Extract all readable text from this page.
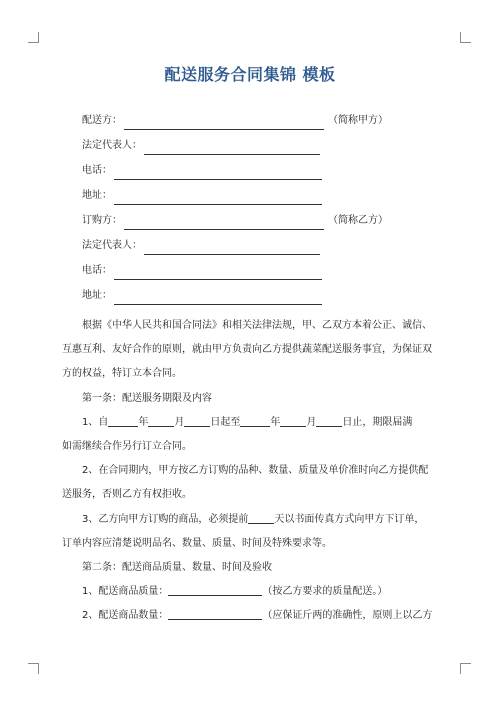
配送服务合同集锦 模板
配送方：	（简称甲方）
法定代表人：
电话：
地址：
订购方：	（简称乙方）
法定代表人：
电话：
地址：

根据《中华人民共和国合同法》和相关法律法规，甲、乙双方本着公正、诚信、

互惠互利、友好合作的原则，就由甲方负责向乙方提供蔬菜配送服务事宜，为保证双

方的权益，特订立本合同。

第一条：配送服务期限及内容

1、自	年	月	日起至	年	月	日止，期限届满

如需继续合作另行订立合同。

2、在合同期内，甲方按乙方订购的品种、数量、质量及单价准时向乙方提供配

送服务，否则乙方有权拒收。

3、乙方向甲方订购的商品，必须提前	天以书面传真方式向甲方下订单，

订单内容应清楚说明品名、数量、质量、时间及特殊要求等。

第二条：配送商品质量、数量、时间及验收

1、配送商品质量：	（按乙方要求的质量配送。）

2、配送商品数量：	（应保证斤两的准确性，原则上以乙方
